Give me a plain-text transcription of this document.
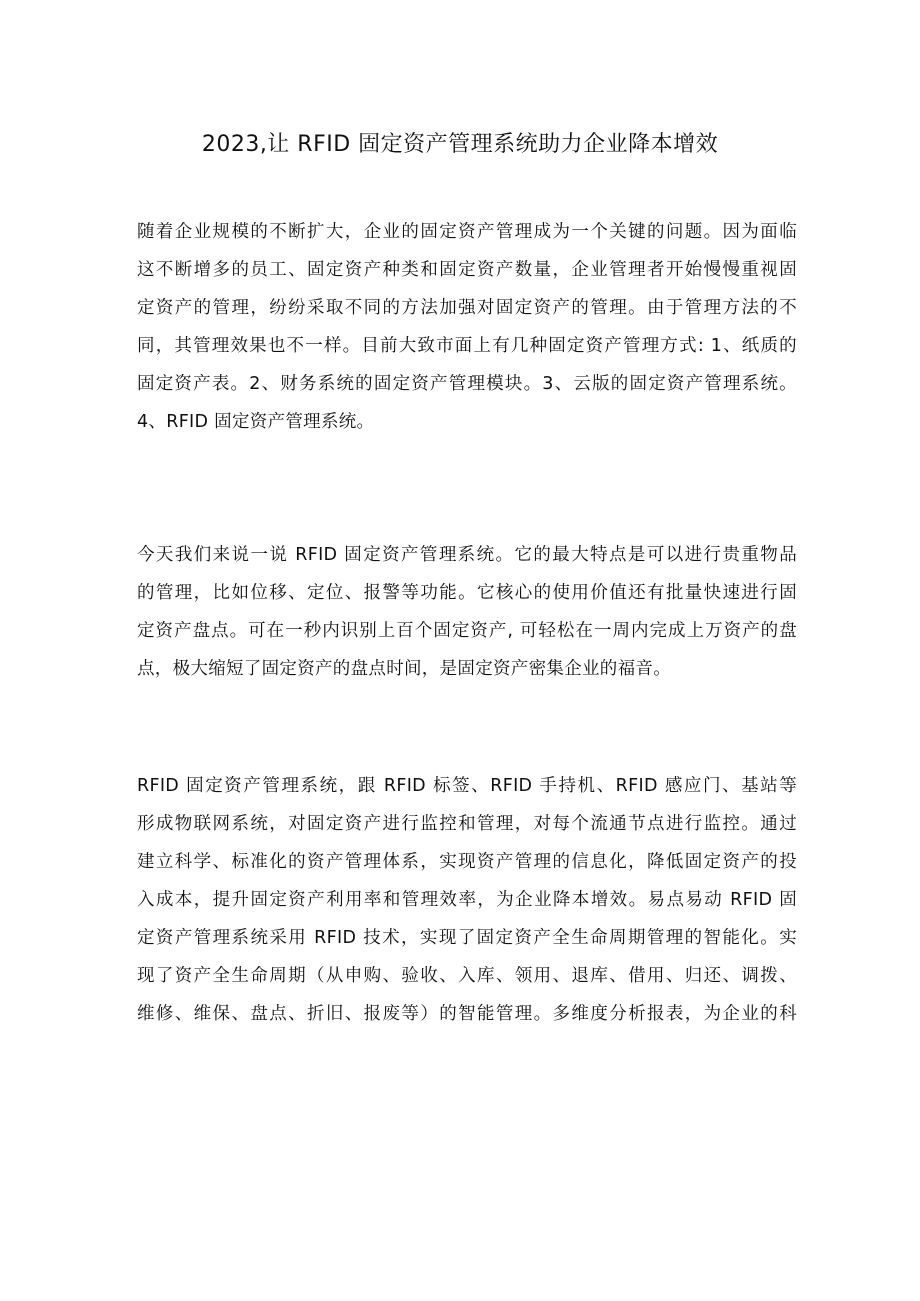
2023,让 RFID 固定资产管理系统助力企业降本增效
随着企业规模的不断扩大，企业的固定资产管理成为一个关键的问题。因为面临
这不断增多的员工、固定资产种类和固定资产数量，企业管理者开始慢慢重视固
定资产的管理，纷纷采取不同的方法加强对固定资产的管理。由于管理方法的不
同，其管理效果也不一样。目前大致市面上有几种固定资产管理方式: 1、纸质的
固定资产表。2、财务系统的固定资产管理模块。3、云版的固定资产管理系统。
4、RFID 固定资产管理系统。
今天我们来说一说 RFID 固定资产管理系统。它的最大特点是可以进行贵重物品
的管理，比如位移、定位、报警等功能。它核心的使用价值还有批量快速进行固
定资产盘点。可在一秒内识别上百个固定资产, 可轻松在一周内完成上万资产的盘
点，极大缩短了固定资产的盘点时间，是固定资产密集企业的福音。
RFID 固定资产管理系统，跟 RFID 标签、RFID 手持机、RFID 感应门、基站等
形成物联网系统，对固定资产进行监控和管理，对每个流通节点进行监控。通过
建立科学、标准化的资产管理体系，实现资产管理的信息化，降低固定资产的投
入成本，提升固定资产利用率和管理效率，为企业降本增效。易点易动 RFID 固
定资产管理系统采用 RFID 技术，实现了固定资产全生命周期管理的智能化。实
现了资产全生命周期（从申购、验收、入库、领用、退库、借用、归还、调拨、
维修、维保、盘点、折旧、报废等）的智能管理。多维度分析报表，为企业的科
